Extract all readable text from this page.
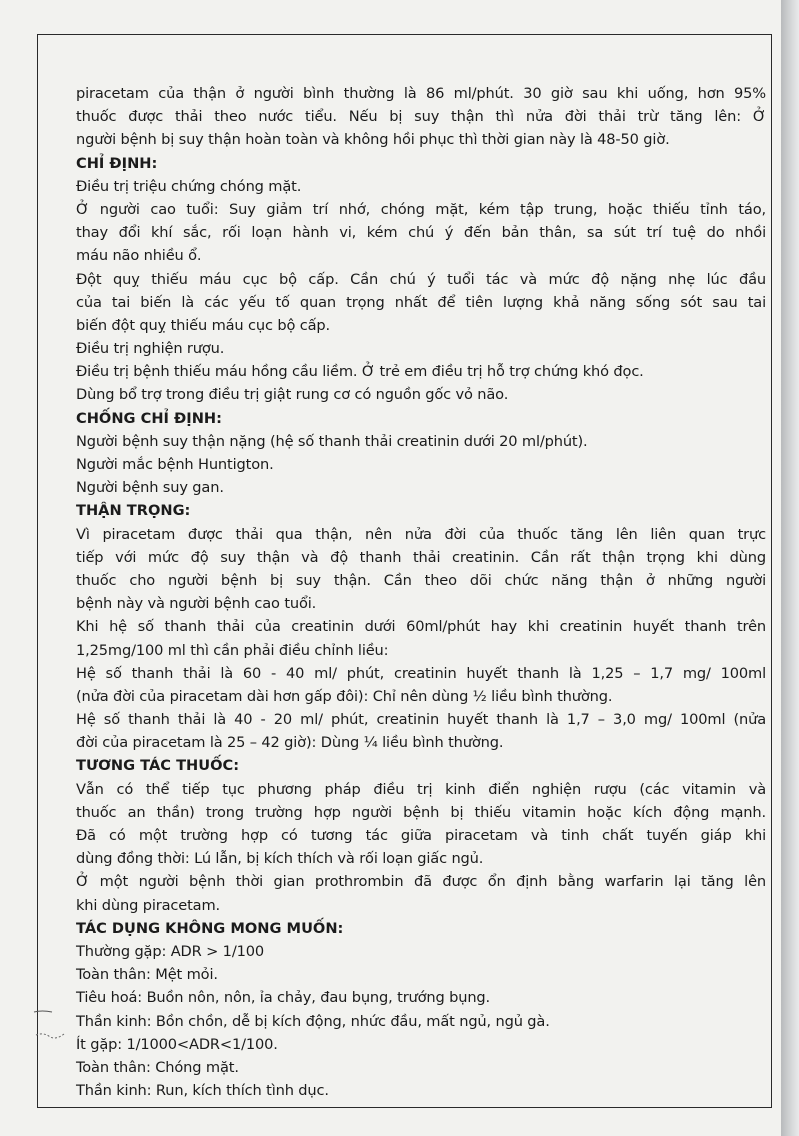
piracetam của thận ở người bình thường là 86 ml/phút. 30 giờ sau khi uống, hơn 95%
thuốc được thải theo nước tiểu. Nếu bị suy thận thì nửa đời thải trừ tăng lên: Ở
người bệnh bị suy thận hoàn toàn và không hồi phục thì thời gian này là 48-50 giờ.
CHỈ ĐỊNH:
Điều trị triệu chứng chóng mặt.
Ở người cao tuổi: Suy giảm trí nhớ, chóng mặt, kém tập trung, hoặc thiếu tỉnh táo,
thay đổi khí sắc, rối loạn hành vi, kém chú ý đến bản thân, sa sút trí tuệ do nhồi
máu não nhiều ổ.
Đột quỵ thiếu máu cục bộ cấp. Cần chú ý tuổi tác và mức độ nặng nhẹ lúc đầu
của tai biến là các yếu tố quan trọng nhất để tiên lượng khả năng sống sót sau tai
biến đột quỵ thiếu máu cục bộ cấp.
Điều trị nghiện rượu.
Điều trị bệnh thiếu máu hồng cầu liềm. Ở trẻ em điều trị hỗ trợ chứng khó đọc.
Dùng bổ trợ trong điều trị giật rung cơ có nguồn gốc vỏ não.
CHỐNG CHỈ ĐỊNH:
Người bệnh suy thận nặng (hệ số thanh thải creatinin dưới 20 ml/phút).
Người mắc bệnh Huntigton.
Người bệnh suy gan.
THẬN TRỌNG:
Vì piracetam được thải qua thận, nên nửa đời của thuốc tăng lên liên quan trực
tiếp với mức độ suy thận và độ thanh thải creatinin. Cần rất thận trọng khi dùng
thuốc cho người bệnh bị suy thận. Cần theo dõi chức năng thận ở những người
bệnh này và người bệnh cao tuổi.
Khi hệ số thanh thải của creatinin dưới 60ml/phút hay khi creatinin huyết thanh trên
1,25mg/100 ml thì cần phải điều chỉnh liều:
Hệ số thanh thải là 60 - 40 ml/ phút, creatinin huyết thanh là 1,25 – 1,7 mg/ 100ml
(nửa đời của piracetam dài hơn gấp đôi): Chỉ nên dùng ½ liều bình thường.
Hệ số thanh thải là 40 - 20 ml/ phút, creatinin huyết thanh là 1,7 – 3,0 mg/ 100ml (nửa
đời của piracetam là 25 – 42 giờ): Dùng ¼ liều bình thường.
TƯƠNG TÁC THUỐC:
Vẫn có thể tiếp tục phương pháp điều trị kinh điển nghiện rượu (các vitamin và
thuốc an thần) trong trường hợp người bệnh bị thiếu vitamin hoặc kích động mạnh.
Đã có một trường hợp có tương tác giữa piracetam và tinh chất tuyến giáp khi
dùng đồng thời: Lú lẫn, bị kích thích và rối loạn giấc ngủ.
Ở một người bệnh thời gian prothrombin đã được ổn định bằng warfarin lại tăng lên
khi dùng piracetam.
TÁC DỤNG KHÔNG MONG MUỐN:
Thường gặp: ADR > 1/100
Toàn thân: Mệt mỏi.
Tiêu hoá: Buồn nôn, nôn, ỉa chảy, đau bụng, trướng bụng.
Thần kinh: Bồn chồn, dễ bị kích động, nhức đầu, mất ngủ, ngủ gà.
Ít gặp: 1/1000<ADR<1/100.
Toàn thân: Chóng mặt.
Thần kinh: Run, kích thích tình dục.
